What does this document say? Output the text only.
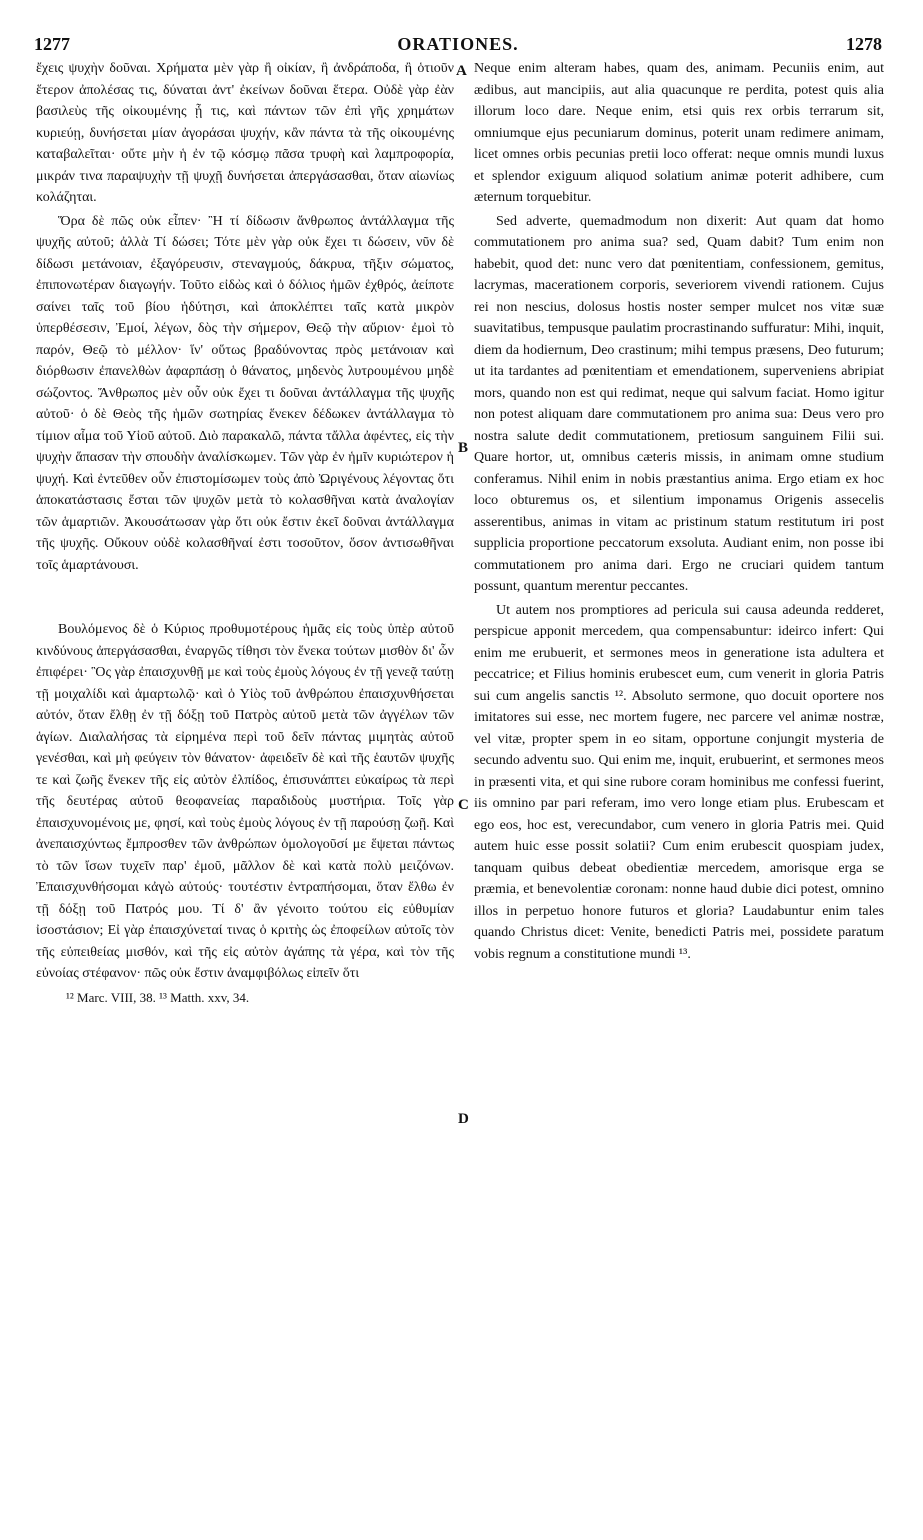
1277	ORATIONES.	1278

ἔχεις ψυχὴν δοῦναι. Χρήματα μὲν γὰρ ἢ οἰκίαν, ἢ ἀνδράποδα, ἢ ὁτιοῦν ἕτερον ἀπολέσας τις, δύναται ἀντ' ἐκείνων δοῦναι ἕτερα. Οὐδὲ γὰρ ἐὰν βασιλεὺς τῆς οἰκουμένης ᾖ τις, καὶ πάντων τῶν ἐπὶ γῆς χρημάτων κυριεύῃ, δυνήσεται μίαν ἀγοράσαι ψυχήν, κἂν πάντα τὰ τῆς οἰκουμένης καταβαλεῖται· οὔτε μὴν ἡ ἐν τῷ κόσμῳ πᾶσα τρυφὴ καὶ λαμπροφορία, μικράν τινα παραψυχὴν τῇ ψυχῇ δυνήσεται ἀπεργάσασθαι, ὅταν αἰωνίως κολάζηται.

Ὅρα δὲ πῶς οὐκ εἶπεν· Ἢ τί δίδωσιν ἄνθρωπος ἀντάλλαγμα τῆς ψυχῆς αὐτοῦ; ἀλλὰ Τί δώσει; Τότε μὲν γὰρ οὐκ ἔχει τι δώσειν, νῦν δὲ δίδωσι μετάνοιαν, ἐξαγόρευσιν, στεναγμούς, δάκρυα, τῆξιν σώματος, ἐπιπονωτέραν διαγωγήν. Τοῦτο εἰδὼς καὶ ὁ δόλιος ἡμῶν ἐχθρός, ἀείποτε σαίνει ταῖς τοῦ βίου ἡδύτησι, καὶ ἀποκλέπτει ταῖς κατὰ μικρὸν ὑπερθέσεσιν, Ἐμοί, λέγων, δὸς τὴν σήμερον, Θεῷ τὴν αὔριον· ἐμοὶ τὸ παρόν, Θεῷ τὸ μέλλον· ἵν' οὕτως βραδύνοντας πρὸς μετάνοιαν καὶ διόρθωσιν ἐπανελθὼν ἀφαρπάσῃ ὁ θάνατος, μηδενὸς λυτρουμένου μηδὲ σώζοντος. Ἄνθρωπος μὲν οὖν οὐκ ἔχει τι δοῦναι ἀντάλλαγμα τῆς ψυχῆς αὐτοῦ· ὁ δὲ Θεὸς τῆς ἡμῶν σωτηρίας ἕνεκεν δέδωκεν ἀντάλλαγμα τὸ τίμιον αἷμα τοῦ Υἱοῦ αὐτοῦ. Διὸ παρακαλῶ, πάντα τἄλλα ἀφέντες, εἰς τὴν ψυχὴν ἅπασαν τὴν σπουδὴν ἀναλίσκωμεν. Τῶν γὰρ ἐν ἡμῖν κυριώτερον ἡ ψυχή. Καὶ ἐντεῦθεν οὖν ἐπιστομίσωμεν τοὺς ἀπὸ Ὠριγένους λέγοντας ὅτι ἀποκατάστασις ἔσται τῶν ψυχῶν μετὰ τὸ κολασθῆναι κατὰ ἀναλογίαν τῶν ἁμαρτιῶν. Ἀκουσάτωσαν γὰρ ὅτι οὐκ ἔστιν ἐκεῖ δοῦναι ἀντάλλαγμα τῆς ψυχῆς. Οὔκουν οὐδὲ κολασθῆναί ἐστι τοσοῦτον, ὅσον ἀντισωθῆναι τοῖς ἁμαρτάνουσι.

Βουλόμενος δὲ ὁ Κύριος προθυμοτέρους ἡμᾶς εἰς τοὺς ὑπὲρ αὐτοῦ κινδύνους ἀπεργάσασθαι, ἐναργῶς τίθησι τὸν ἕνεκα τούτων μισθὸν δι' ὧν ἐπιφέρει· Ὃς γὰρ ἐπαισχυνθῇ με καὶ τοὺς ἐμοὺς λόγους ἐν τῇ γενεᾷ ταύτῃ τῇ μοιχαλίδι καὶ ἁμαρτωλῷ· καὶ ὁ Υἱὸς τοῦ ἀνθρώπου ἐπαισχυνθήσεται αὐτόν, ὅταν ἔλθῃ ἐν τῇ δόξῃ τοῦ Πατρὸς αὐτοῦ μετὰ τῶν ἀγγέλων τῶν ἁγίων. Διαλαλήσας τὰ εἰρημένα περὶ τοῦ δεῖν πάντας μιμητὰς αὐτοῦ γενέσθαι, καὶ μὴ φεύγειν τὸν θάνατον· ἀφειδεῖν δὲ καὶ τῆς ἑαυτῶν ψυχῆς τε καὶ ζωῆς ἕνεκεν τῆς εἰς αὐτὸν ἐλπίδος, ἐπισυνάπτει εὐκαίρως τὰ περὶ τῆς δευτέρας αὐτοῦ θεοφανείας παραδιδοὺς μυστήρια. Τοῖς γὰρ ἐπαισχυνομένοις με, φησί, καὶ τοὺς ἐμοὺς λόγους ἐν τῇ παρούσῃ ζωῇ. Καὶ ἀνεπαισχύντως ἔμπροσθεν τῶν ἀνθρώπων ὁμολογοῦσί με ἕψεται πάντως τὸ τῶν ἴσων τυχεῖν παρ' ἐμοῦ, μᾶλλον δὲ καὶ κατὰ πολὺ μειζόνων. Ἐπαισχυνθήσομαι κἀγὼ αὐτούς· τουτέστιν ἐντραπήσομαι, ὅταν ἔλθω ἐν τῇ δόξῃ τοῦ Πατρός μου. Τί δ' ἂν γένοιτο τούτου εἰς εὐθυμίαν ἰσοστάσιον; Εἰ γὰρ ἐπαισχύνεταί τινας ὁ κριτὴς ὡς ἐποφείλων αὐτοῖς τὸν τῆς εὐπειθείας μισθόν, καὶ τῆς εἰς αὐτὸν ἀγάπης τὰ γέρα, καὶ τὸν τῆς εὐνοίας στέφανον· πῶς οὐκ ἔστιν ἀναμφιβόλως εἰπεῖν ὅτι

¹² Marc. VIII, 38. ¹³ Matth. xxv, 34.

Neque enim alteram habes, quam des, animam. Pecuniis enim, aut ædibus, aut mancipiis, aut alia quacunque re perdita, potest quis alia illorum loco dare. Neque enim, etsi quis rex orbis terrarum sit, omniumque ejus pecuniarum dominus, poterit unam redimere animam, licet omnes orbis pecunias pretii loco offerat: neque omnis mundi luxus et splendor exiguum aliquod solatium animæ poterit adhibere, cum æternum torquebitur.

Sed adverte, quemadmodum non dixerit: Aut quam dat homo commutationem pro anima sua? sed, Quam dabit? Tum enim non habebit, quod det: nunc vero dat pœnitentiam, confessionem, gemitus, lacrymas, macerationem corporis, severiorem vivendi rationem. Cujus rei non nescius, dolosus hostis noster semper mulcet nos vitæ suæ suavitatibus, tempusque paulatim procrastinando suffuratur: Mihi, inquit, diem da hodiernum, Deo crastinum; mihi tempus præsens, Deo futurum; ut ita tardantes ad pœnitentiam et emendationem, superveniens abripiat mors, quando non est qui redimat, neque qui salvum faciat. Homo igitur non potest aliquam dare commutationem pro anima sua: Deus vero pro nostra salute dedit commutationem, pretiosum sanguinem Filii sui. Quare hortor, ut, omnibus cæteris missis, in animam omne studium conferamus. Nihil enim in nobis præstantius anima. Ergo etiam ex hoc loco obturemus os, et silentium imponamus Origenis assecelis asserentibus, animas in vitam ac pristinum statum restitutum iri post supplicia proportione peccatorum exsoluta. Audiant enim, non posse ibi commutationem pro anima dari. Ergo ne cruciari quidem tantum possunt, quantum merentur peccantes.

Ut autem nos promptiores ad pericula sui causa adeunda redderet, perspicue apponit mercedem, qua compensabuntur: ideirco infert: Qui enim me erubuerit, et sermones meos in generatione ista adultera et peccatrice; et Filius hominis erubescet eum, cum venerit in gloria Patris sui cum angelis sanctis ¹². Absoluto sermone, quo docuit oportere nos imitatores sui esse, nec mortem fugere, nec parcere vel animæ nostræ, vel vitæ, propter spem in eo sitam, opportune conjungit mysteria de secundo adventu suo. Qui enim me, inquit, erubuerint, et sermones meos in præsenti vita, et qui sine rubore coram hominibus me confessi fuerint, iis omnino par pari referam, imo vero longe etiam plus. Erubescam et ego eos, hoc est, verecundabor, cum venero in gloria Patris mei. Quid autem huic esse possit solatii? Cum enim erubescit quospiam judex, tanquam quibus debeat obedientiæ mercedem, amorisque erga se præmia, et benevolentiæ coronam: nonne haud dubie dici potest, omnino illos in perpetuo honore futuros et gloria? Laudabuntur enim tales quando Christus dicet: Venite, benedicti Patris mei, possidete paratum vobis regnum a constitutione mundi ¹³.

A
B
C
D
